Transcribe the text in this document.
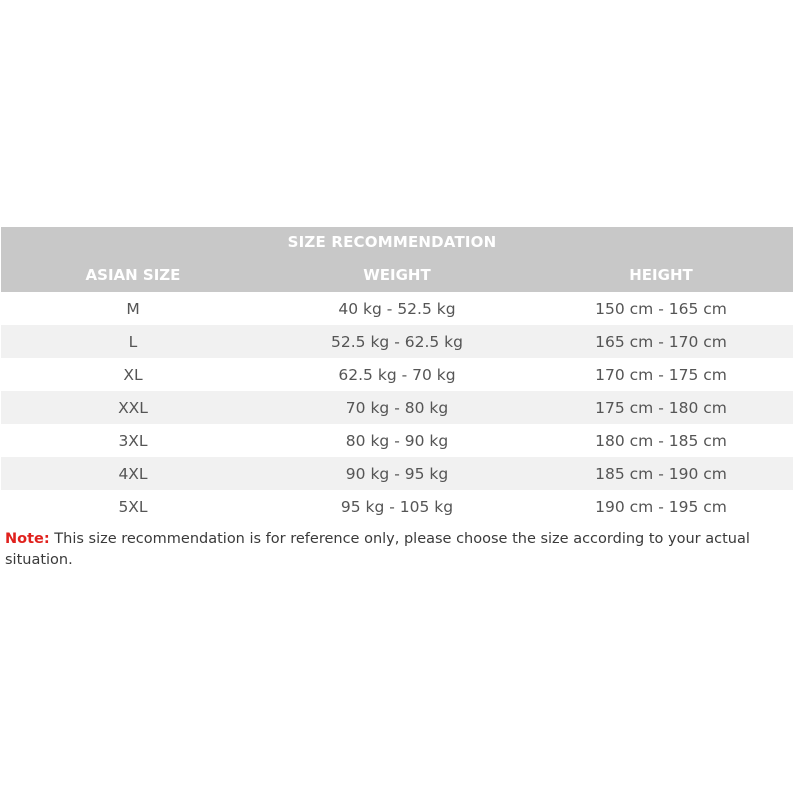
SIZE RECOMMENDATION
ASIAN SIZE	WEIGHT	HEIGHT
M	40 kg - 52.5 kg	150 cm - 165 cm
L	52.5 kg - 62.5 kg	165 cm - 170 cm
XL	62.5 kg - 70 kg	170 cm - 175 cm
XXL	70 kg - 80 kg	175 cm - 180 cm
3XL	80 kg - 90 kg	180 cm - 185 cm
4XL	90 kg - 95 kg	185 cm - 190 cm
5XL	95 kg - 105 kg	190 cm - 195 cm
Note: This size recommendation is for reference only, please choose the size according to your actual situation.
